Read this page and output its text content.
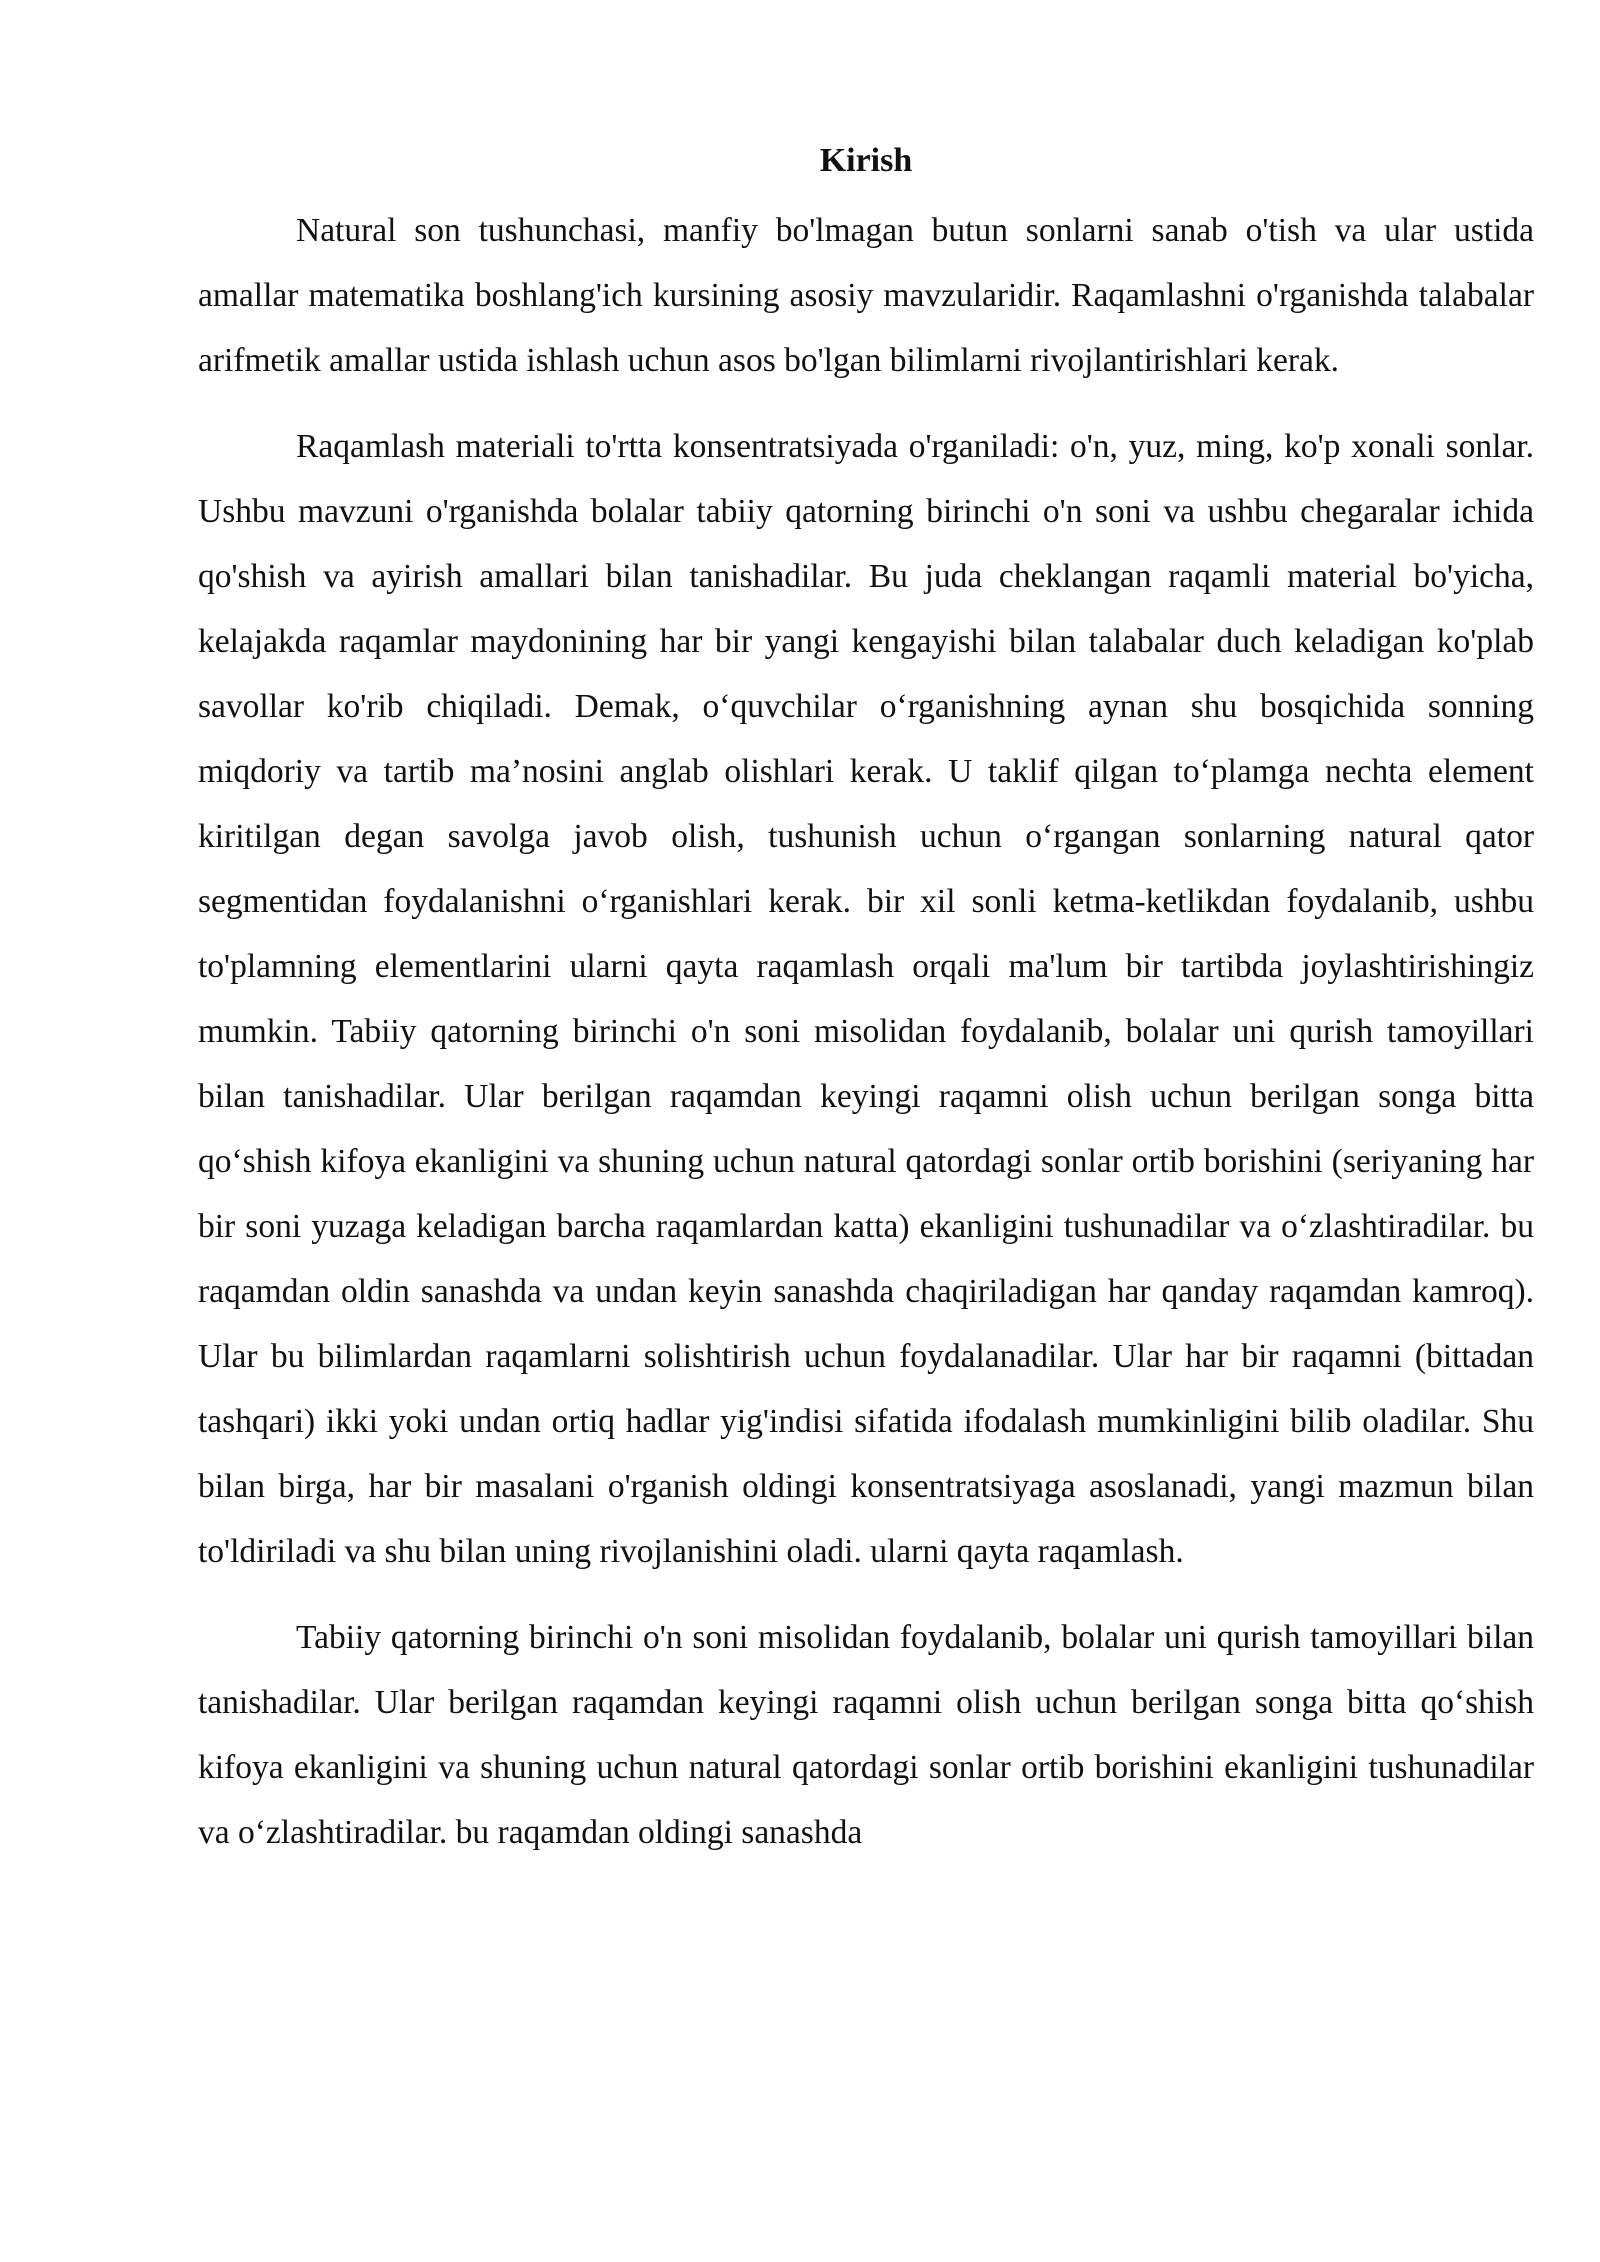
Kirish

Natural son tushunchasi, manfiy bo'lmagan butun sonlarni sanab o'tish va ular ustida amallar matematika boshlang'ich kursining asosiy mavzularidir. Raqamlashni o'rganishda talabalar arifmetik amallar ustida ishlash uchun asos bo'lgan bilimlarni rivojlantirishlari kerak.

Raqamlash materiali to'rtta konsentratsiyada o'rganiladi: o'n, yuz, ming, ko'p xonali sonlar. Ushbu mavzuni o'rganishda bolalar tabiiy qatorning birinchi o'n soni va ushbu chegaralar ichida qo'shish va ayirish amallari bilan tanishadilar. Bu juda cheklangan raqamli material bo'yicha, kelajakda raqamlar maydonining har bir yangi kengayishi bilan talabalar duch keladigan ko'plab savollar ko'rib chiqiladi. Demak, o‘quvchilar o‘rganishning aynan shu bosqichida sonning miqdoriy va tartib ma’nosini anglab olishlari kerak. U taklif qilgan to‘plamga nechta element kiritilgan degan savolga javob olish, tushunish uchun o‘rgangan sonlarning natural qator segmentidan foydalanishni o‘rganishlari kerak. bir xil sonli ketma-ketlikdan foydalanib, ushbu to'plamning elementlarini ularni qayta raqamlash orqali ma'lum bir tartibda joylashtirishingiz mumkin. Tabiiy qatorning birinchi o'n soni misolidan foydalanib, bolalar uni qurish tamoyillari bilan tanishadilar. Ular berilgan raqamdan keyingi raqamni olish uchun berilgan songa bitta qo‘shish kifoya ekanligini va shuning uchun natural qatordagi sonlar ortib borishini (seriyaning har bir soni yuzaga keladigan barcha raqamlardan katta) ekanligini tushunadilar va o‘zlashtiradilar. bu raqamdan oldin sanashda va undan keyin sanashda chaqiriladigan har qanday raqamdan kamroq). Ular bu bilimlardan raqamlarni solishtirish uchun foydalanadilar. Ular har bir raqamni (bittadan tashqari) ikki yoki undan ortiq hadlar yig'indisi sifatida ifodalash mumkinligini bilib oladilar. Shu bilan birga, har bir masalani o'rganish oldingi konsentratsiyaga asoslanadi, yangi mazmun bilan to'ldiriladi va shu bilan uning rivojlanishini oladi. ularni qayta raqamlash.

Tabiiy qatorning birinchi o'n soni misolidan foydalanib, bolalar uni qurish tamoyillari bilan tanishadilar. Ular berilgan raqamdan keyingi raqamni olish uchun berilgan songa bitta qo‘shish kifoya ekanligini va shuning uchun natural qatordagi sonlar ortib borishini ekanligini tushunadilar va o‘zlashtiradilar. bu raqamdan oldingi sanashda
